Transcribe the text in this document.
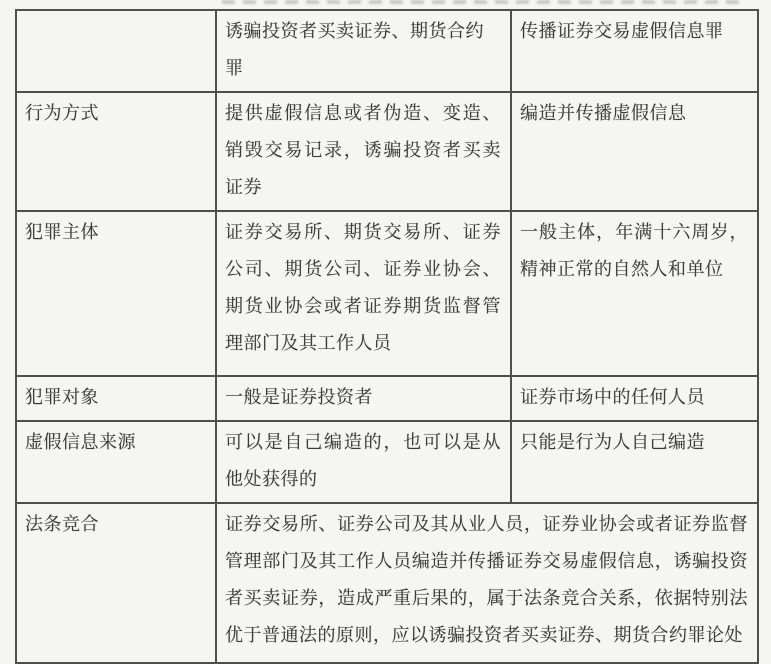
	诱骗投资者买卖证券、期货合约罪	传播证券交易虚假信息罪
行为方式	提供虚假信息或者伪造、变造、销毁交易记录，诱骗投资者买卖证券	编造并传播虚假信息
犯罪主体	证券交易所、期货交易所、证券公司、期货公司、证券业协会、期货业协会或者证券期货监督管理部门及其工作人员	一般主体，年满十六周岁，精神正常的自然人和单位
犯罪对象	一般是证券投资者	证券市场中的任何人员
虚假信息来源	可以是自己编造的，也可以是从他处获得的	只能是行为人自己编造
法条竞合	证券交易所、证券公司及其从业人员，证券业协会或者证券监督管理部门及其工作人员编造并传播证券交易虚假信息，诱骗投资者买卖证券，造成严重后果的，属于法条竞合关系，依据特别法优于普通法的原则，应以诱骗投资者买卖证券、期货合约罪论处	
